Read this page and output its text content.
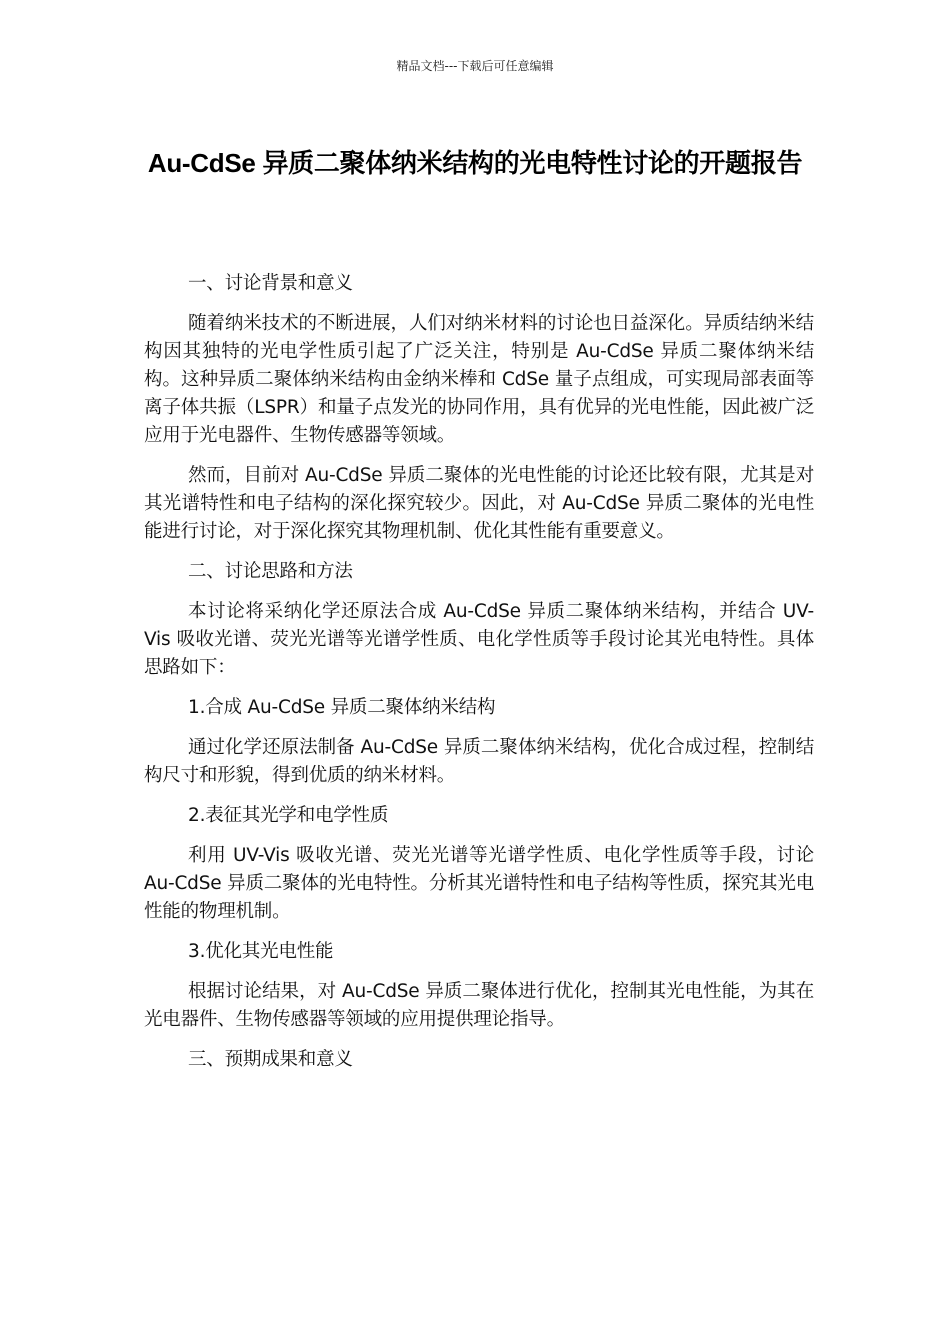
精品文档---下载后可任意编辑
Au-CdSe 异质二聚体纳米结构的光电特性讨论的开题报告

一、讨论背景和意义

随着纳米技术的不断进展，人们对纳米材料的讨论也日益深化。异质结纳米结构因其独特的光电学性质引起了广泛关注，特别是 Au-CdSe 异质二聚体纳米结构。这种异质二聚体纳米结构由金纳米棒和 CdSe 量子点组成，可实现局部表面等离子体共振（LSPR）和量子点发光的协同作用，具有优异的光电性能，因此被广泛应用于光电器件、生物传感器等领域。

然而，目前对 Au-CdSe 异质二聚体的光电性能的讨论还比较有限，尤其是对其光谱特性和电子结构的深化探究较少。因此，对 Au-CdSe 异质二聚体的光电性能进行讨论，对于深化探究其物理机制、优化其性能有重要意义。

二、讨论思路和方法

本讨论将采纳化学还原法合成 Au-CdSe 异质二聚体纳米结构，并结合 UV-Vis 吸收光谱、荧光光谱等光谱学性质、电化学性质等手段讨论其光电特性。具体思路如下：

1.合成 Au-CdSe 异质二聚体纳米结构

通过化学还原法制备 Au-CdSe 异质二聚体纳米结构，优化合成过程，控制结构尺寸和形貌，得到优质的纳米材料。

2.表征其光学和电学性质

利用 UV-Vis 吸收光谱、荧光光谱等光谱学性质、电化学性质等手段，讨论 Au-CdSe 异质二聚体的光电特性。分析其光谱特性和电子结构等性质，探究其光电性能的物理机制。

3.优化其光电性能

根据讨论结果，对 Au-CdSe 异质二聚体进行优化，控制其光电性能，为其在光电器件、生物传感器等领域的应用提供理论指导。

三、预期成果和意义
